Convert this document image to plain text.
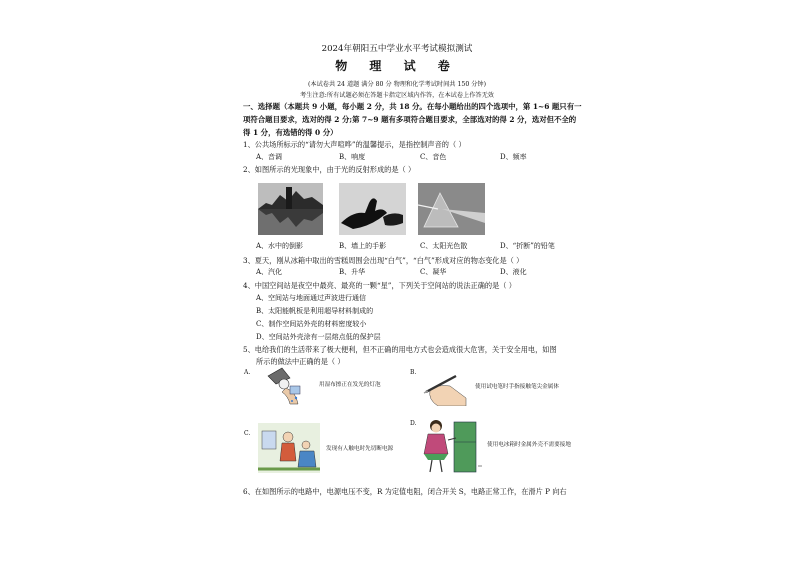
2024年朝阳五中学业水平考试模拟测试
物 理 试 卷
(本试卷共 24 道题 满分 80 分 物理和化学考试时间共 150 分钟)
考生注意:所有试题必须在答题卡指定区域内作答，在本试卷上作答无效
一、选择题（本题共 9 小题，每小题 2 分，共 18 分。在每小题给出的四个选项中，第 1~6 题只有一
项符合题目要求，选对的得 2 分;第 7~9 题有多项符合题目要求，全部选对的得 2 分，选对但不全的
得 1 分，有选错的得 0 分）
1、公共场所标示的“请勿大声喧哗”的温馨提示，是指控制声音的（ ）
A、音调	B、响度	C、音色	D、频率
2、如图所示的光现象中，由于光的反射形成的是（ ）
A、水中的倒影	B、墙上的手影	C、太阳光色散	D、“折断”的铅笔
3、夏天，刚从冰箱中取出的雪糕周围会出现“白气”，“白气”形成对应的物态变化是（ ）
A、汽化	B、升华	C、凝华	D、液化
4、中国空间站是夜空中最亮、最亮的一颗“星”，下列关于空间站的说法正确的是（ ）
A、空间站与地面通过声波进行通信
B、太阳能帆板是利用超导材料制成的
C、制作空间站外壳的材料密度较小
D、空间站外壳涂有一层熔点低的保护层
5、电给我们的生活带来了极大便利，但不正确的用电方式也会造成很大危害，关于安全用电，如图
所示的做法中正确的是（ ）
A.
用湿布擦正在发光的灯泡
B.
使用试电笔时手指接触笔尖金属体
C.
发现有人触电时先切断电源
D.
使用电冰箱时金属外壳不需要接地
6、在如图所示的电路中，电源电压不变，R 为定值电阻，闭合开关 S，电路正常工作，在滑片 P 向右
